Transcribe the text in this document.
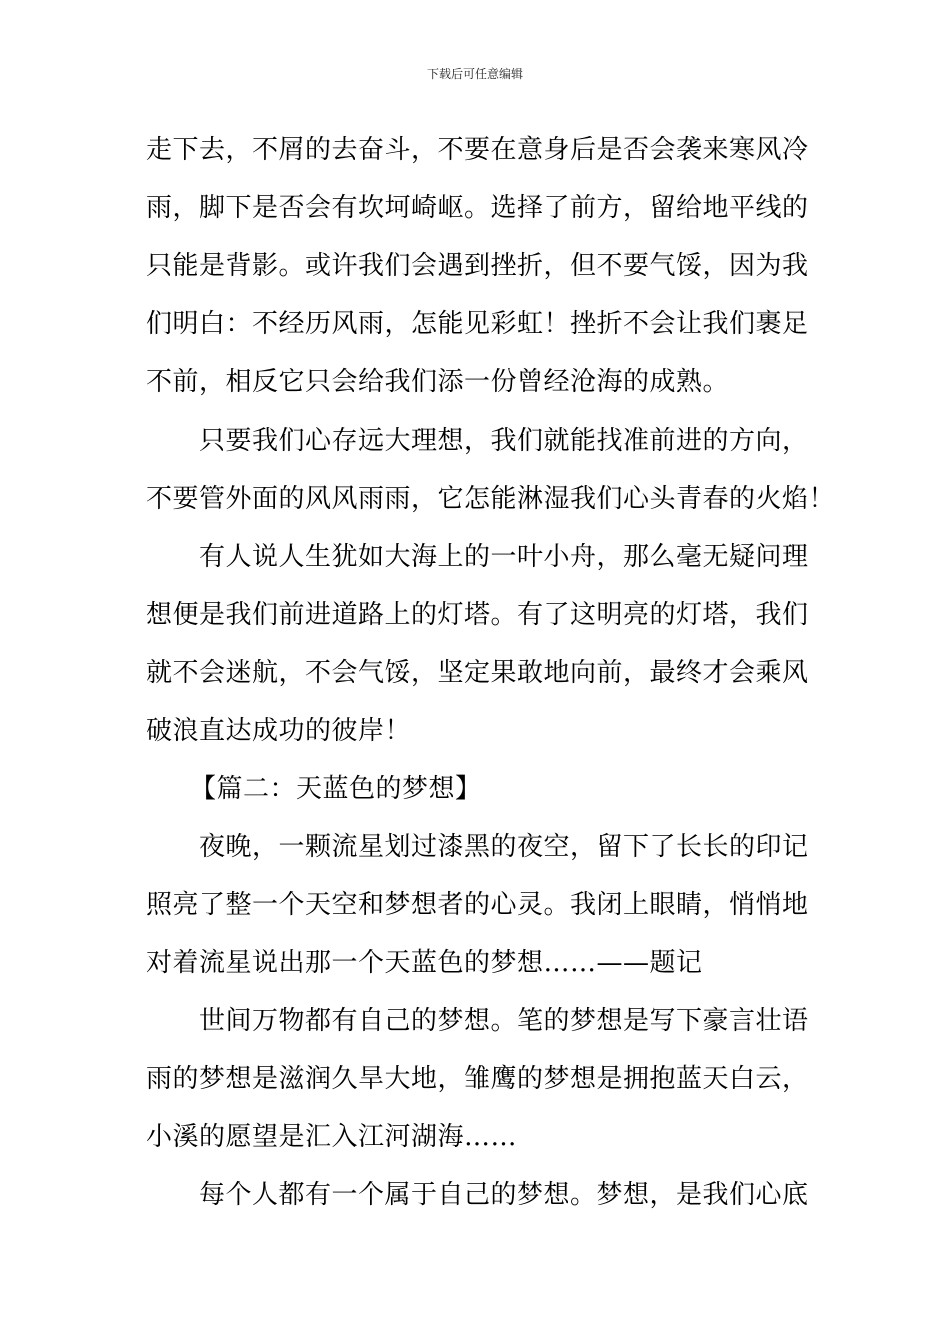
下载后可任意编辑
走下去，不屑的去奋斗，不要在意身后是否会袭来寒风冷
雨，脚下是否会有坎坷崎岖。选择了前方，留给地平线的
只能是背影。或许我们会遇到挫折，但不要气馁，因为我
们明白：不经历风雨，怎能见彩虹！挫折不会让我们裹足
不前，相反它只会给我们添一份曾经沧海的成熟。
只要我们心存远大理想，我们就能找准前进的方向，
不要管外面的风风雨雨，它怎能淋湿我们心头青春的火焰！
有人说人生犹如大海上的一叶小舟，那么毫无疑问理
想便是我们前进道路上的灯塔。有了这明亮的灯塔，我们
就不会迷航，不会气馁，坚定果敢地向前，最终才会乘风
破浪直达成功的彼岸！
【篇二：天蓝色的梦想】
夜晚，一颗流星划过漆黑的夜空，留下了长长的印记
照亮了整一个天空和梦想者的心灵。我闭上眼睛，悄悄地
对着流星说出那一个天蓝色的梦想……——题记
世间万物都有自己的梦想。笔的梦想是写下豪言壮语
雨的梦想是滋润久旱大地，雏鹰的梦想是拥抱蓝天白云，
小溪的愿望是汇入江河湖海……
每个人都有一个属于自己的梦想。梦想，是我们心底
